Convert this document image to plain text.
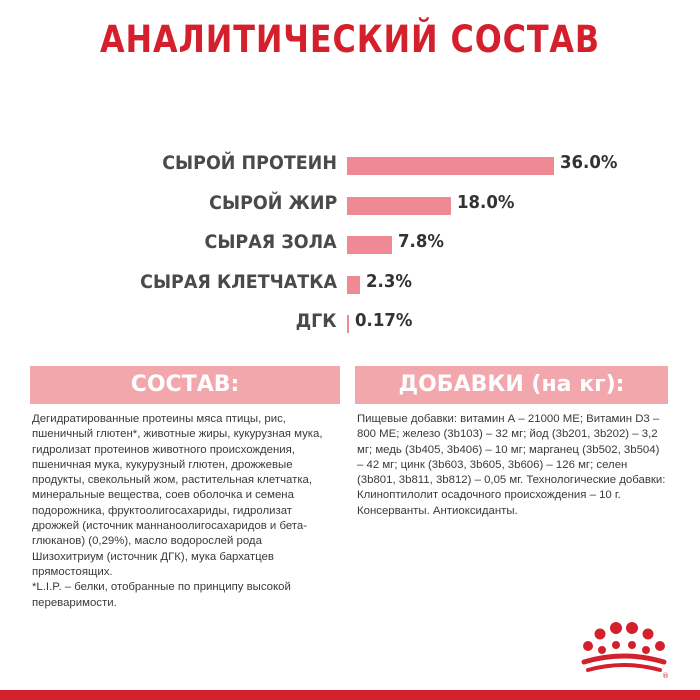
АНАЛИТИЧЕСКИЙ СОСТАВ
СЫРОЙ ПРОТЕИН	36.0%
СЫРОЙ ЖИР	18.0%
СЫРАЯ ЗОЛА	7.8%
СЫРАЯ КЛЕТЧАТКА 2.3%
ДГК 0.17%
СОСТАВ:
Дегидратированные протеины мяса птицы, рис, пшеничный глютен*, животные жиры, кукурузная мука, гидролизат протеинов животного происхождения, пшеничная мука, кукурузный глютен, дрожжевые продукты, свекольный жом, растительная клетчатка, минеральные вещества, соев оболочка и семена подорожника, фруктоолигосахариды, гидролизат дрожжей (источник маннаноолигосахаридов и бета-глюканов) (0,29%), масло водорослей рода Шизохитриум (источник ДГК), мука бархатцев прямостоящих.
*L.I.P. – белки, отобранные по принципу высокой переваримости.
ДОБАВКИ (на кг):
Пищевые добавки: витамин А – 21000 МЕ; Витамин D3 – 800 МЕ; железо (3b103) – 32 мг; йод (3b201, 3b202) – 3,2 мг; медь (3b405, 3b406) – 10 мг; марганец (3b502, 3b504) – 42 мг; цинк (3b603, 3b605, 3b606) – 126 мг; селен (3b801, 3b811, 3b812) – 0,05 мг. Технологические добавки: Клиноптилолит осадочного происхождения – 10 г. Консерванты. Антиоксиданты.
®
